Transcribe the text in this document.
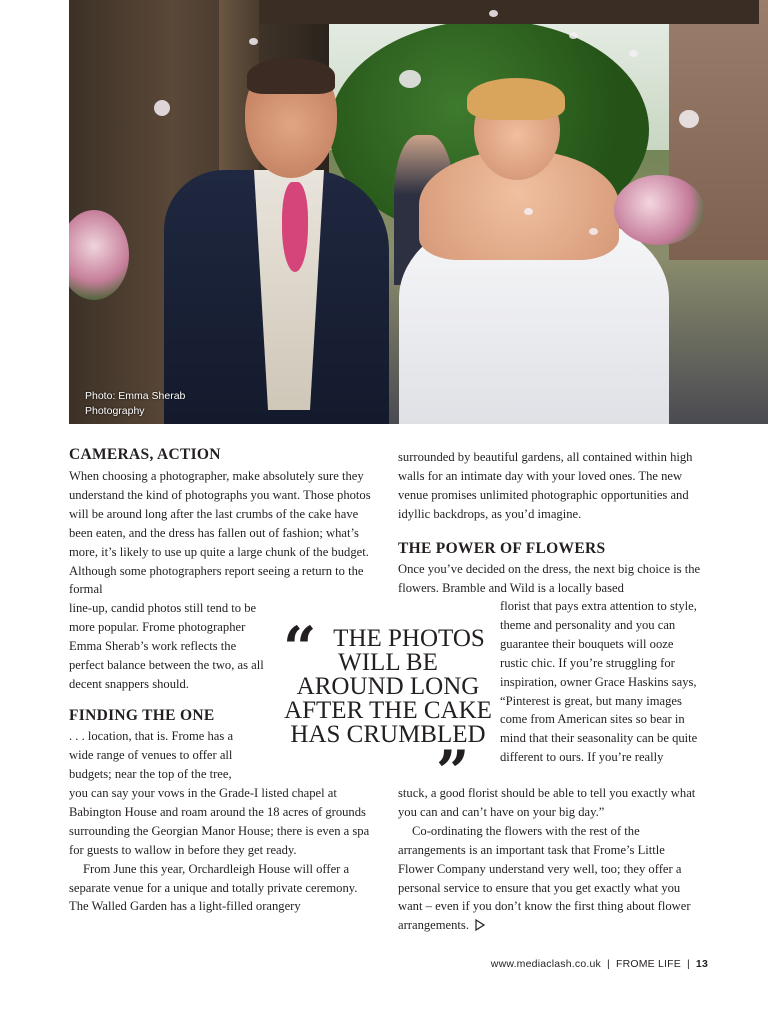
Photo: Emma Sherab
Photography
CAMERAS, ACTION

When choosing a photographer, make absolutely sure they understand the kind of photographs you want. Those photos will be around long after the last crumbs of the cake have been eaten, and the dress has fallen out of fashion; what’s more, it’s likely to use up quite a large chunk of the budget. Although some photographers report seeing a return to the formal

line-up, candid photos still tend to be more popular. Frome photographer Emma Sherab’s work reflects the perfect balance between the two, as all decent snappers should.

FINDING THE ONE

. . . location, that is. Frome has a wide range of venues to offer all budgets; near the top of the tree,

you can say your vows in the Grade-I listed chapel at Babington House and roam around the 18 acres of grounds surrounding the Georgian Manor House; there is even a spa for guests to wallow in before they get ready.

From June this year, Orchardleigh House will offer a separate venue for a unique and totally private ceremony. The Walled Garden has a light-filled orangery

“ THE PHOTOS WILL BE AROUND LONG AFTER THE CAKE HAS CRUMBLED
”

surrounded by beautiful gardens, all contained within high walls for an intimate day with your loved ones. The new venue promises unlimited photographic opportunities and idyllic backdrops, as you’d imagine.

THE POWER OF FLOWERS

Once you’ve decided on the dress, the next big choice is the flowers. Bramble and Wild is a locally based

florist that pays extra attention to style, theme and personality and you can guarantee their bouquets will ooze rustic chic. If you’re struggling for inspiration, owner Grace Haskins says, “Pinterest is great, but many images come from American sites so bear in mind that their seasonality can be quite different to ours. If you’re really

stuck, a good florist should be able to tell you exactly what you can and can’t have on your big day.”

Co-ordinating the flowers with the rest of the arrangements is an important task that Frome’s Little Flower Company understand very well, too; they offer a personal service to ensure that you get exactly what you want – even if you don’t know the first thing about flower arrangements.

www.mediaclash.co.uk | FROME LIFE | 13
